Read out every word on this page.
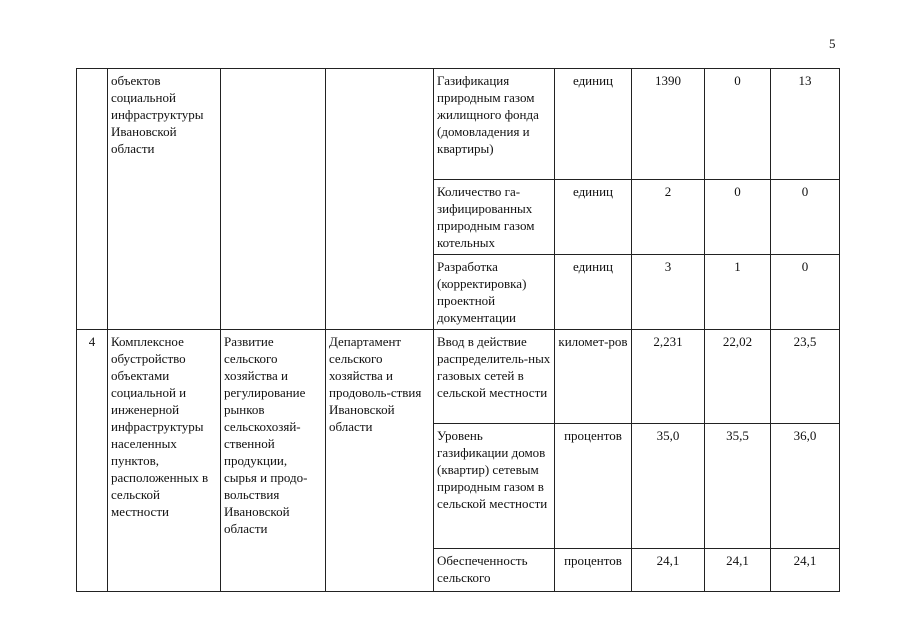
5
	объектов социальной инфраструктуры Ивановской области			Газификация природным газом жилищного фонда (домовладения и квартиры)	единиц	1390	0	13
				Количество га-зифицированных природным газом котельных	единиц	2	0	0
				Разработка (корректировка) проектной документации	единиц	3	1	0
4	Комплексное обустройство объектами социальной и инженерной инфраструктуры населенных пунктов, расположенных в сельской местности	Развитие сельского хозяйства и регулирование рынков сельскохозяй-ственной продукции, сырья и продо-вольствия Ивановской области	Департамент сельского хозяйства и продоволь-ствия Ивановской области	Ввод в действие распределитель-ных газовых сетей в сельской местности	километ-ров	2,231	22,02	23,5
				Уровень газификации домов (квартир) сетевым природным газом в сельской местности	процентов	35,0	35,5	36,0
				Обеспеченность сельского	процентов	24,1	24,1	24,1
